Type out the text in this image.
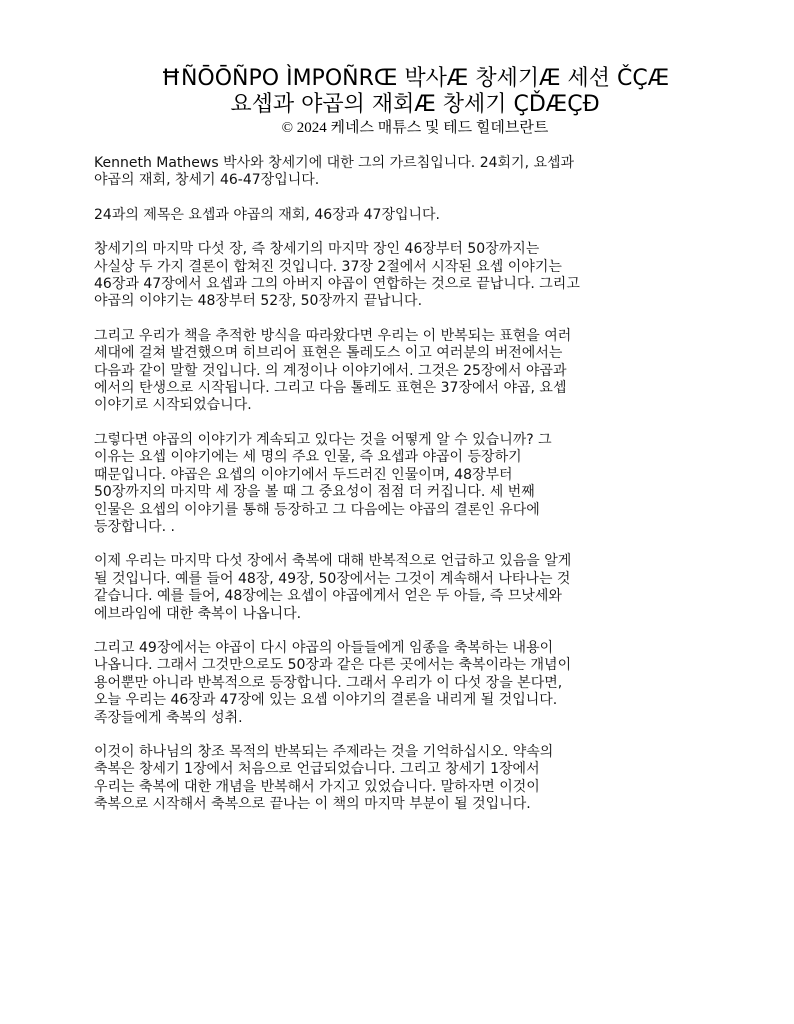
ĦÑŌŌÑPO ÌMPOÑRŒ 박사Æ 창세기Æ 세션 ČÇÆ
요셉과 야곱의 재회Æ 창세기 ÇĎÆÇĐ
© 2024 케네스 매튜스 및 테드 힐데브란트

Kenneth Mathews 박사와 창세기에 대한 그의 가르침입니다. 24회기, 요셉과
야곱의 재회, 창세기 46-47장입니다.

24과의 제목은 요셉과 야곱의 재회, 46장과 47장입니다.

창세기의 마지막 다섯 장, 즉 창세기의 마지막 장인 46장부터 50장까지는
사실상 두 가지 결론이 합쳐진 것입니다. 37장 2절에서 시작된 요셉 이야기는
46장과 47장에서 요셉과 그의 아버지 야곱이 연합하는 것으로 끝납니다. 그리고
야곱의 이야기는 48장부터 52장, 50장까지 끝납니다.

그리고 우리가 책을 추적한 방식을 따라왔다면 우리는 이 반복되는 표현을 여러
세대에 걸쳐 발견했으며 히브리어 표현은 톨레도스 이고 여러분의 버전에서는
다음과 같이 말할 것입니다. 의 계정이나 이야기에서. 그것은 25장에서 야곱과
에서의 탄생으로 시작됩니다. 그리고 다음 톨레도 표현은 37장에서 야곱, 요셉
이야기로 시작되었습니다.

그렇다면 야곱의 이야기가 계속되고 있다는 것을 어떻게 알 수 있습니까? 그
이유는 요셉 이야기에는 세 명의 주요 인물, 즉 요셉과 야곱이 등장하기
때문입니다. 야곱은 요셉의 이야기에서 두드러진 인물이며, 48장부터
50장까지의 마지막 세 장을 볼 때 그 중요성이 점점 더 커집니다. 세 번째
인물은 요셉의 이야기를 통해 등장하고 그 다음에는 야곱의 결론인 유다에
등장합니다. .

이제 우리는 마지막 다섯 장에서 축복에 대해 반복적으로 언급하고 있음을 알게
될 것입니다. 예를 들어 48장, 49장, 50장에서는 그것이 계속해서 나타나는 것
같습니다. 예를 들어, 48장에는 요셉이 야곱에게서 얻은 두 아들, 즉 므낫세와
에브라임에 대한 축복이 나옵니다.

그리고 49장에서는 야곱이 다시 야곱의 아들들에게 임종을 축복하는 내용이
나옵니다. 그래서 그것만으로도 50장과 같은 다른 곳에서는 축복이라는 개념이
용어뿐만 아니라 반복적으로 등장합니다. 그래서 우리가 이 다섯 장을 본다면,
오늘 우리는 46장과 47장에 있는 요셉 이야기의 결론을 내리게 될 것입니다.
족장들에게 축복의 성취.

이것이 하나님의 창조 목적의 반복되는 주제라는 것을 기억하십시오. 약속의
축복은 창세기 1장에서 처음으로 언급되었습니다. 그리고 창세기 1장에서
우리는 축복에 대한 개념을 반복해서 가지고 있었습니다. 말하자면 이것이
축복으로 시작해서 축복으로 끝나는 이 책의 마지막 부분이 될 것입니다.
